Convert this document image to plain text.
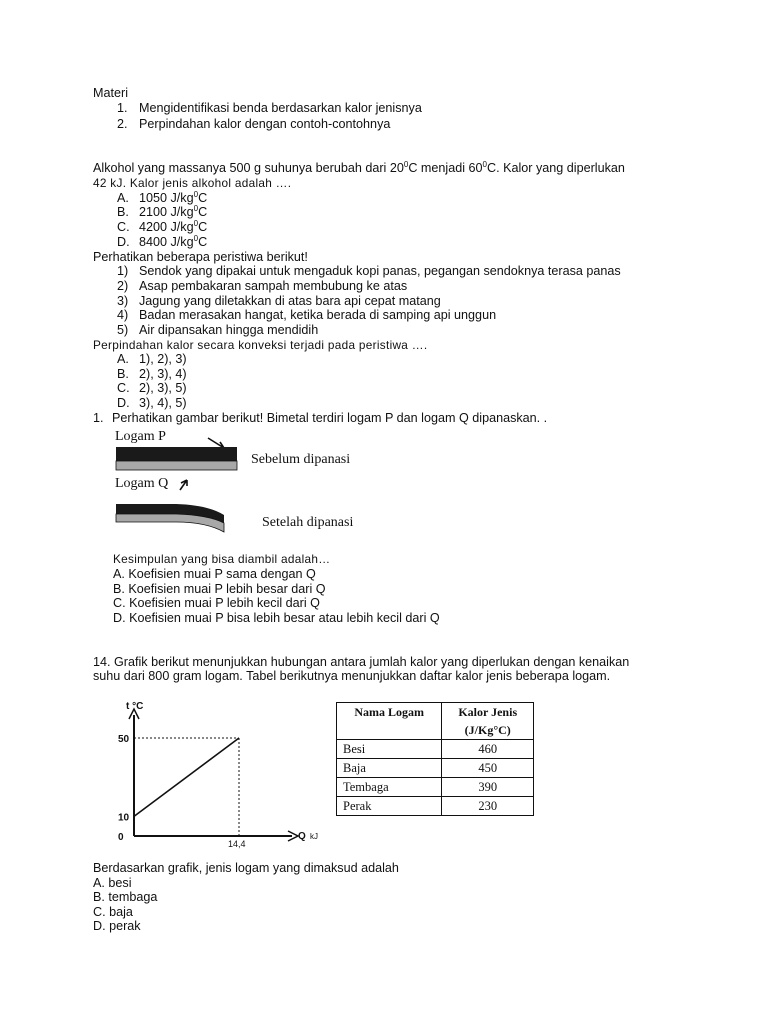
Materi
1. Mengidentifikasi benda berdasarkan kalor jenisnya
2. Perpindahan kalor dengan contoh-contohnya
Alkohol yang massanya 500 g suhunya berubah dari $20^0C$ menjadi $60^0C$. Kalor yang diperlukan
42 kJ. Kalor jenis alkohol adalah ….
A. 1050 $J/kg^0C$
B. 2100 $J/kg^0C$
C. 4200 $J/kg^0C$
D. 8400 $J/kg^0C$
Perhatikan beberapa peristiwa berikut!
1) Sendok yang dipakai untuk mengaduk kopi panas, pegangan sendoknya terasa panas
2) Asap pembakaran sampah membubung ke atas
3) Jagung yang diletakkan di atas bara api cepat matang
4) Badan merasakan hangat, ketika berada di samping api unggun
5) Air dipansakan hingga mendidih
Perpindahan kalor secara konveksi terjadi pada peristiwa ….
A. 1), 2), 3)
B. 2), 3), 4)
C. 2), 3), 5)
D. 3), 4), 5)
1. Perhatikan gambar berikut! Bimetal terdiri logam P dan logam Q dipanaskan. .
Logam P
Logam Q
Sebelum dipanasi
Setelah dipanasi
Kesimpulan yang bisa diambil adalah…
A. Koefisien muai P sama dengan Q
B. Koefisien muai P lebih besar dari Q
C. Koefisien muai P lebih kecil dari Q
D. Koefisien muai P bisa lebih besar atau lebih kecil dari Q
14. Grafik berikut menunjukkan hubungan antara jumlah kalor yang diperlukan dengan kenaikan
suhu dari 800 gram logam. Tabel berikutnya menunjukkan daftar kalor jenis beberapa logam.
t °C
Q kJ
0
10
50
14,4
Nama Logam	Kalor Jenis
	(J/Kg°C)
Besi	460
Baja	450
Tembaga	390
Perak	230
Berdasarkan grafik, jenis logam yang dimaksud adalah
A. besi
B. tembaga
C. baja
D. perak
